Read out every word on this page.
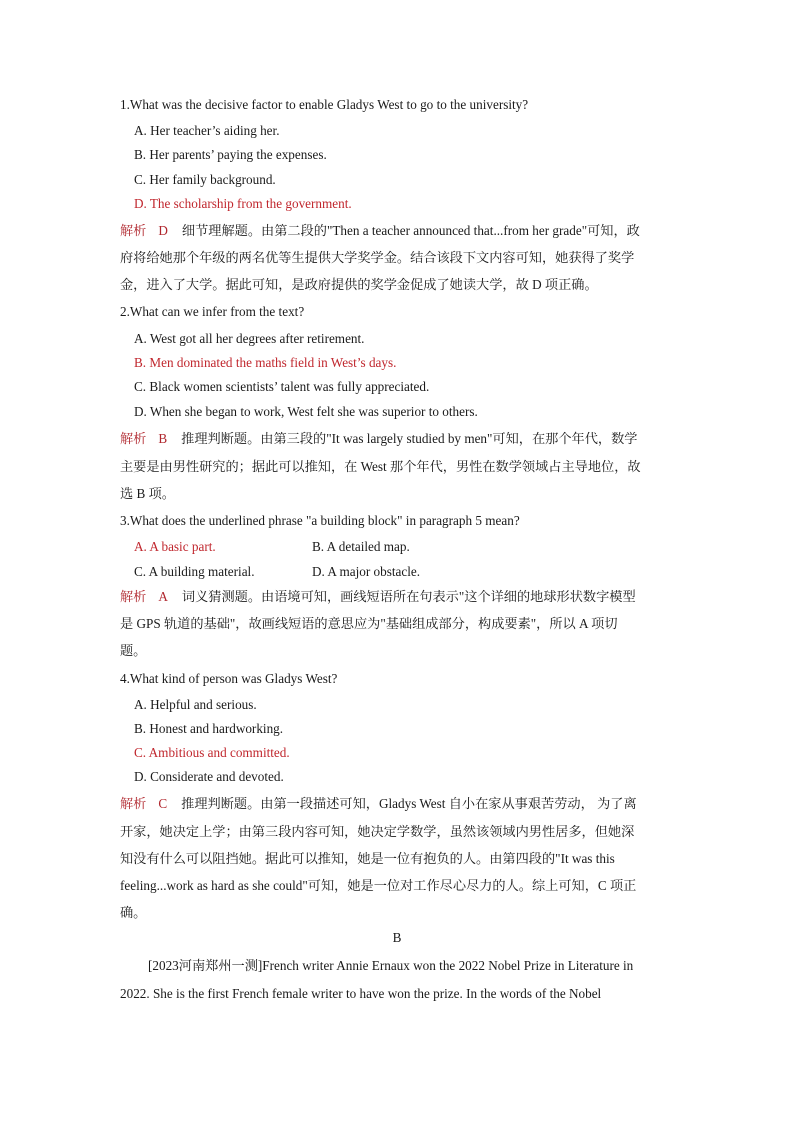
1.What was the decisive factor to enable Gladys West to go to the university?
A. Her teacher’s aiding her.
B. Her parents’ paying the expenses.
C. Her family background.
D. The scholarship from the government.
解析 D 细节理解题。由第二段的"Then a teacher announced that...from her grade"可知，政
府将给她那个年级的两名优等生提供大学奖学金。结合该段下文内容可知，她获得了奖学
金，进入了大学。据此可知，是政府提供的奖学金促成了她读大学，故 D 项正确。
2.What can we infer from the text?
A. West got all her degrees after retirement.
B. Men dominated the maths field in West’s days.
C. Black women scientists’ talent was fully appreciated.
D. When she began to work, West felt she was superior to others.
解析 B 推理判断题。由第三段的"It was largely studied by men"可知，在那个年代，数学
主要是由男性研究的；据此可以推知，在 West 那个年代，男性在数学领域占主导地位，故
选 B 项。
3.What does the underlined phrase "a building block" in paragraph 5 mean?
A. A basic part.	B. A detailed map.
C. A building material.	D. A major obstacle.
解析 A 词义猜测题。由语境可知，画线短语所在句表示"这个详细的地球形状数字模型
是 GPS 轨道的基础"，故画线短语的意思应为"基础组成部分，构成要素"，所以 A 项切
题。
4.What kind of person was Gladys West?
A. Helpful and serious.
B. Honest and hardworking.
C. Ambitious and committed.
D. Considerate and devoted.
解析 C 推理判断题。由第一段描述可知，Gladys West 自小在家从事艰苦劳动， 为了离
开家，她决定上学；由第三段内容可知，她决定学数学，虽然该领域内男性居多，但她深
知没有什么可以阻挡她。据此可以推知，她是一位有抱负的人。由第四段的"It was this
feeling...work as hard as she could"可知，她是一位对工作尽心尽力的人。综上可知，C 项正
确。
B
[2023河南郑州一测]French writer Annie Ernaux won the 2022 Nobel Prize in Literature in
2022. She is the first French female writer to have won the prize. In the words of the Nobel
